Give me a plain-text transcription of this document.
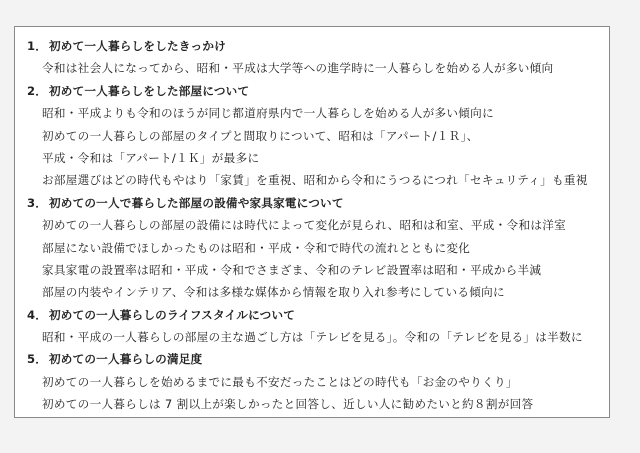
1． 初めて一人暮らしをしたきっかけ
令和は社会人になってから、昭和・平成は大学等への進学時に一人暮らしを始める人が多い傾向
2． 初めて一人暮らしをした部屋について
昭和・平成よりも令和のほうが同じ都道府県内で一人暮らしを始める人が多い傾向に
初めての一人暮らしの部屋のタイプと間取りについて、昭和は「アパート/１Ｒ」、
平成・令和は「アパート/１Ｋ」が最多に
お部屋選びはどの時代もやはり「家賃」を重視、昭和から令和にうつるにつれ「セキュリティ」も重視
3． 初めての一人で暮らした部屋の設備や家具家電について
初めての一人暮らしの部屋の設備には時代によって変化が見られ、昭和は和室、平成・令和は洋室
部屋にない設備でほしかったものは昭和・平成・令和で時代の流れとともに変化
家具家電の設置率は昭和・平成・令和でさまざま、令和のテレビ設置率は昭和・平成から半減
部屋の内装やインテリア、令和は多様な媒体から情報を取り入れ参考にしている傾向に
4． 初めての一人暮らしのライフスタイルについて
昭和・平成の一人暮らしの部屋の主な過ごし方は「テレビを見る」。令和の「テレビを見る」は半数に
5． 初めての一人暮らしの満足度
初めての一人暮らしを始めるまでに最も不安だったことはどの時代も「お金のやりくり」
初めての一人暮らしは 7 割以上が楽しかったと回答し、近しい人に勧めたいと約８割が回答
